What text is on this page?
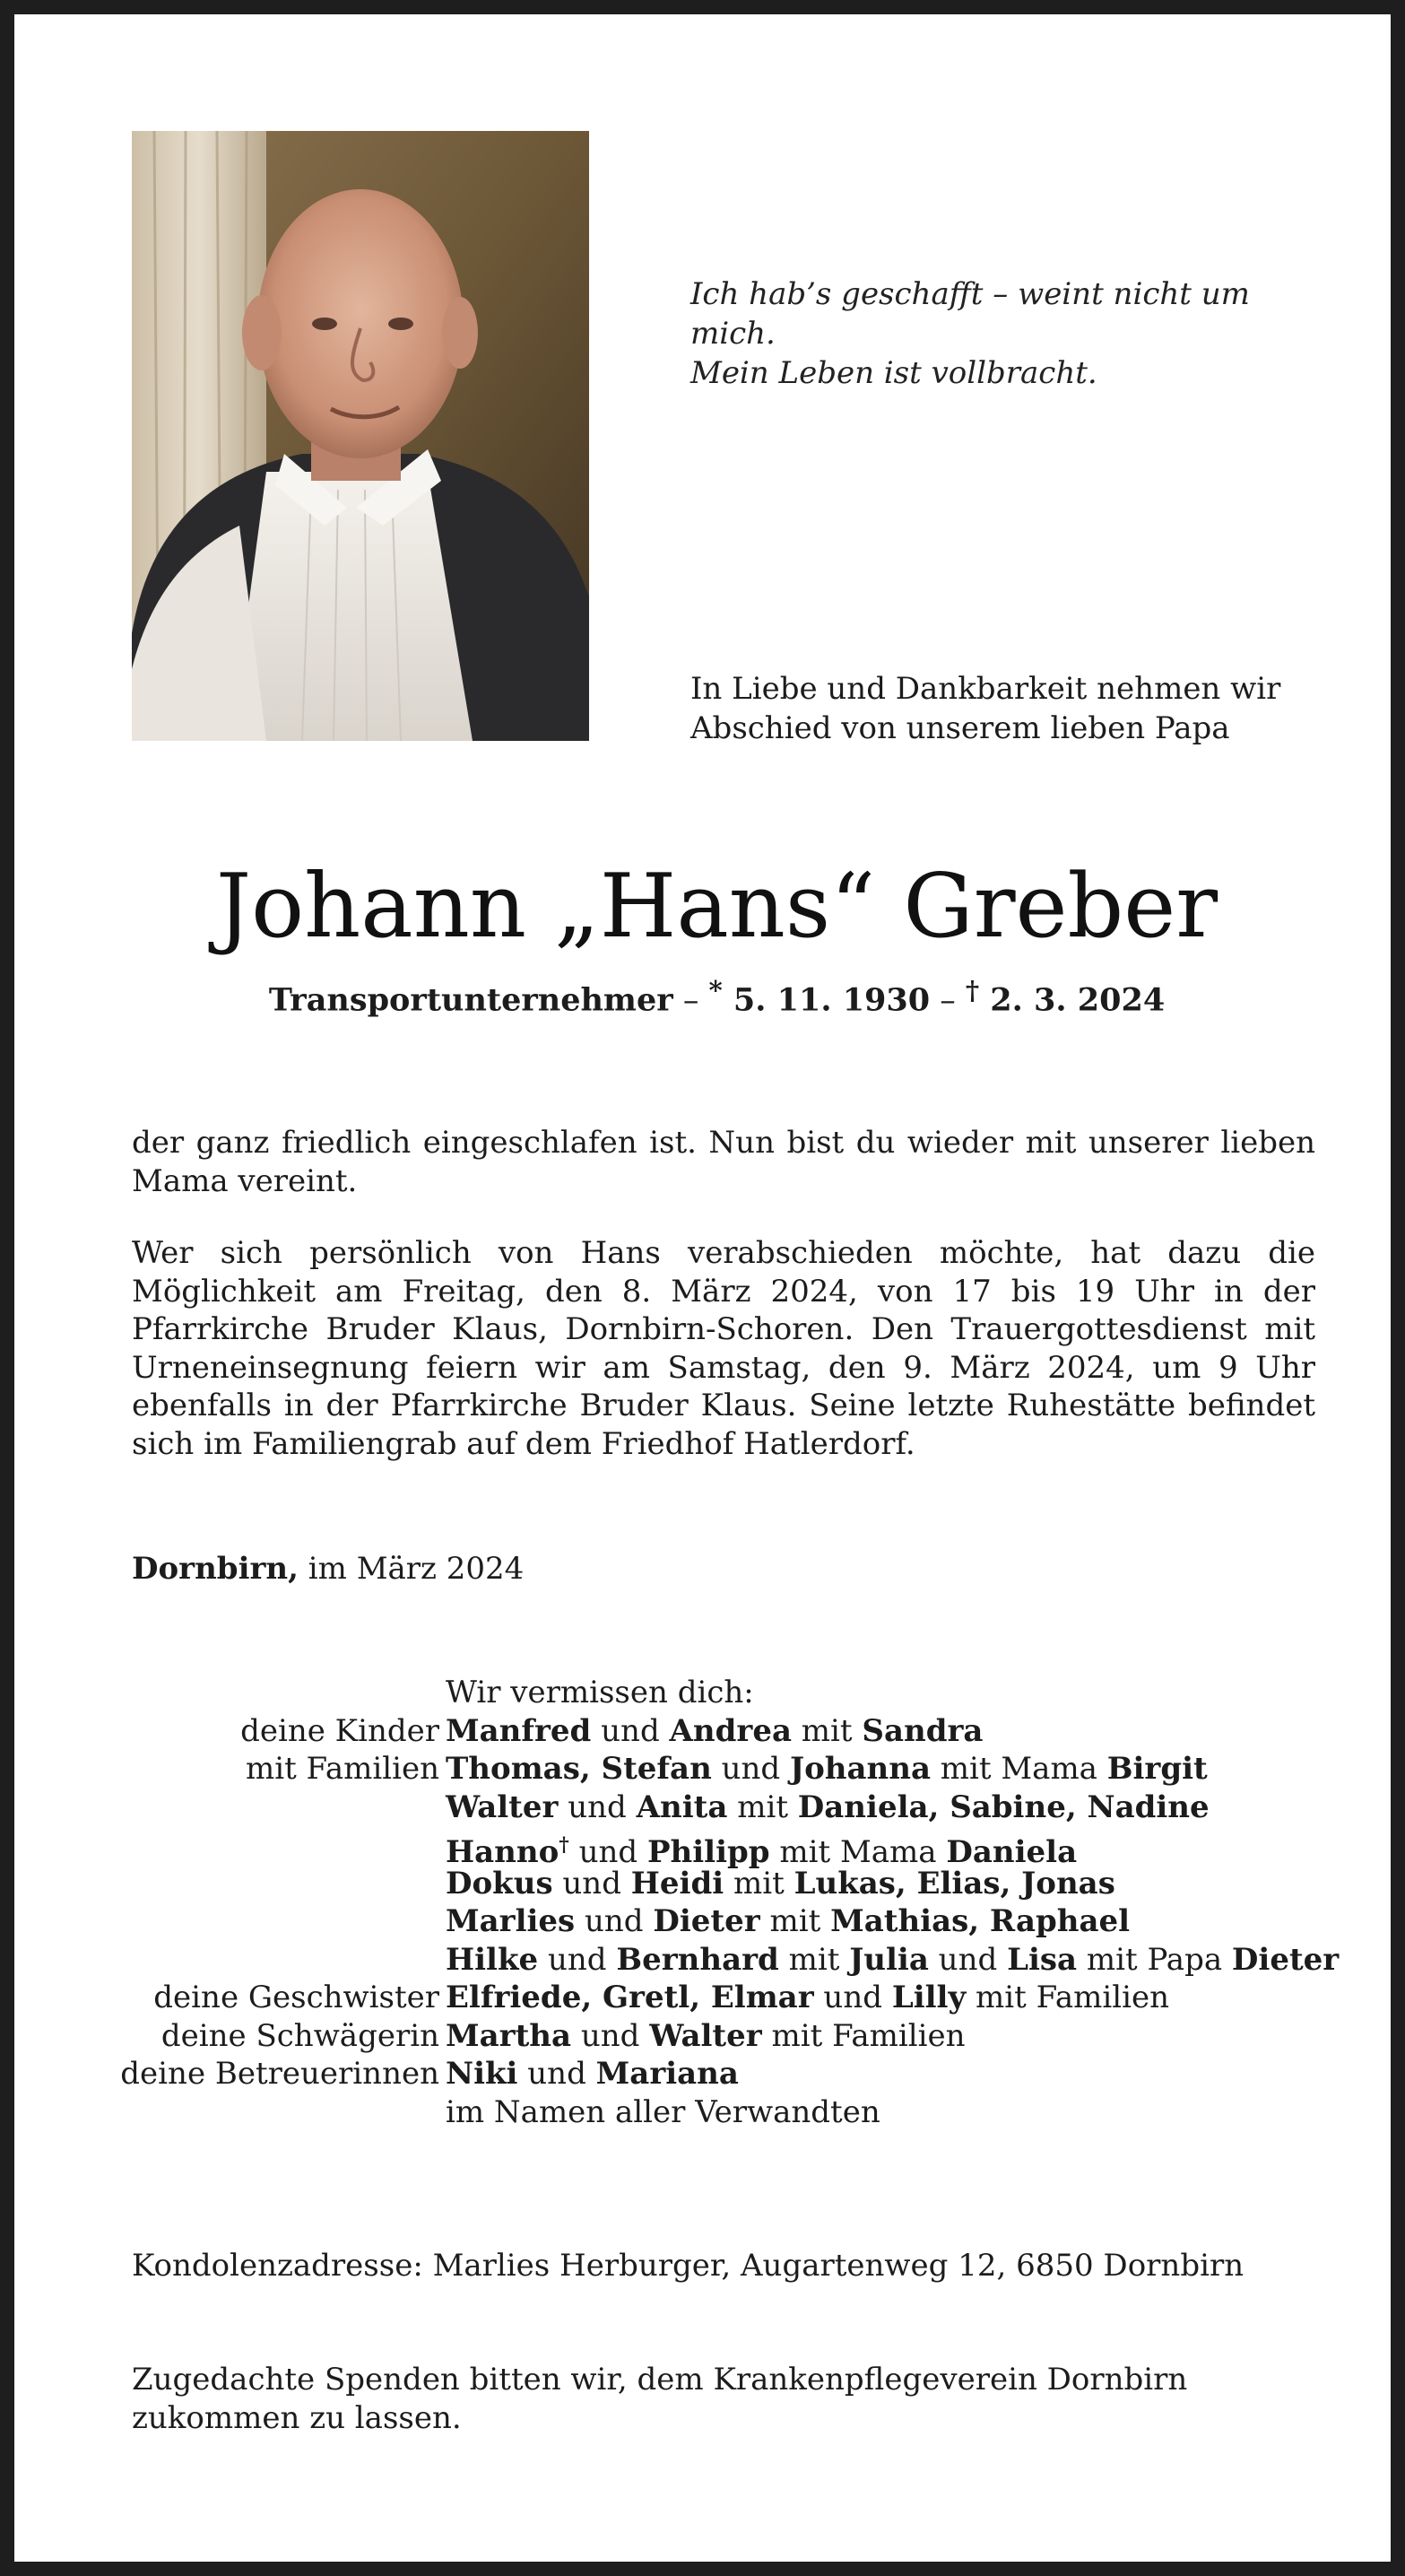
Ich hab’s geschafft – weint nicht um mich.
Mein Leben ist vollbracht.
In Liebe und Dankbarkeit nehmen wir
Abschied von unserem lieben Papa
Johann „Hans“ Greber
Transportunternehmer – * 5. 11. 1930 – † 2. 3. 2024
der ganz friedlich eingeschlafen ist. Nun bist du wieder mit unserer lieben Mama vereint.
Wer sich persönlich von Hans verabschieden möchte, hat dazu die Möglichkeit am Freitag, den 8. März 2024, von 17 bis 19 Uhr in der Pfarrkirche Bruder Klaus, Dornbirn-Schoren. Den Trauergottesdienst mit Urneneinsegnung feiern wir am Samstag, den 9. März 2024, um 9 Uhr ebenfalls in der Pfarrkirche Bruder Klaus. Seine letzte Ruhestätte befindet sich im Familiengrab auf dem Friedhof Hatlerdorf.
Dornbirn, im März 2024
Wir vermissen dich:
deine Kinder Manfred und Andrea mit Sandra
mit Familien Thomas, Stefan und Johanna mit Mama Birgit
Walter und Anita mit Daniela, Sabine, Nadine
Hanno† und Philipp mit Mama Daniela
Dokus und Heidi mit Lukas, Elias, Jonas
Marlies und Dieter mit Mathias, Raphael
Hilke und Bernhard mit Julia und Lisa mit Papa Dieter
deine Geschwister Elfriede, Gretl, Elmar und Lilly mit Familien
deine Schwägerin Martha und Walter mit Familien
deine Betreuerinnen Niki und Mariana
im Namen aller Verwandten
Kondolenzadresse: Marlies Herburger, Augartenweg 12, 6850 Dornbirn
Zugedachte Spenden bitten wir, dem Krankenpflegeverein Dornbirn zukommen zu lassen.
